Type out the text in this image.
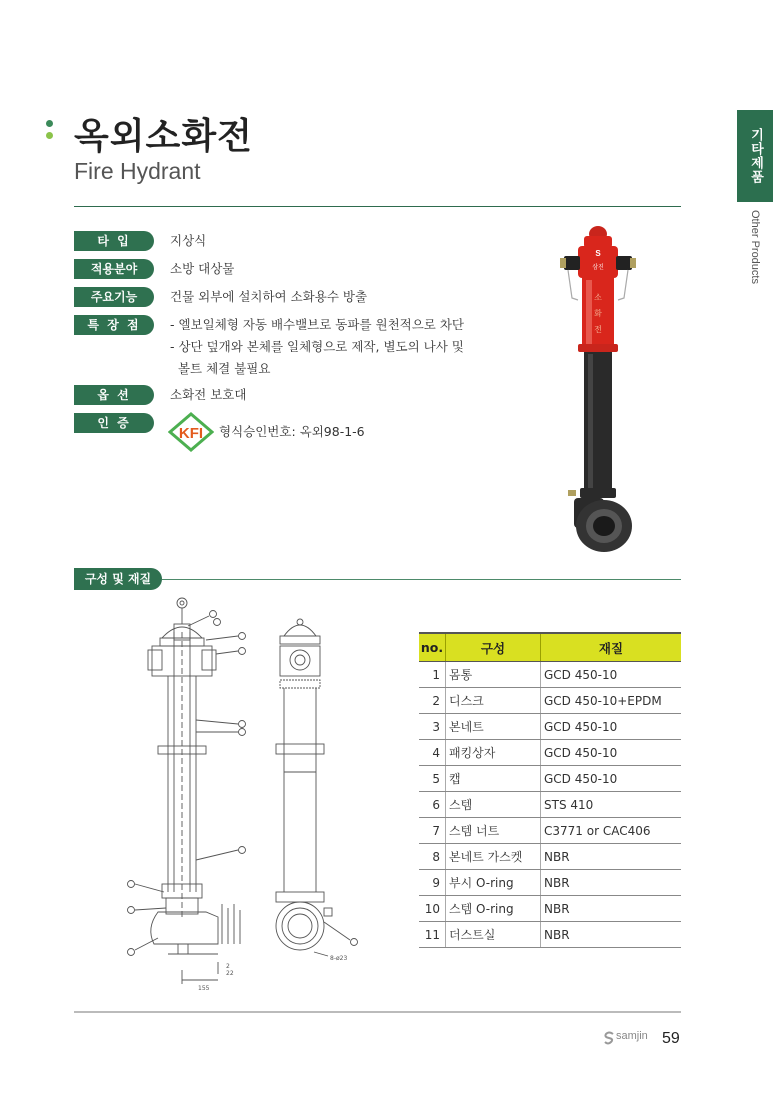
옥외소화전
Fire Hydrant	기타제품
Other Products
타 입	지상식
적용분야	소방 대상물
주요기능	건물 외부에 설치하여 소화용수 방출
특 장 점	- 엘보일체형 자동 배수밸브로 동파를 원천적으로 차단
- 상단 덮개와 본체를 일체형으로 제작, 별도의 나사 및
볼트 체결 불필요
옵 션	소화전 보호대
인 증
KFI 형식승인번호: 옥외98-1-6
S
삼진
소
화
전
구성 및 재질
155
2
22
8-ø23
no.	구성	재질
1	몸통	GCD 450-10
2	디스크	GCD 450-10+EPDM
3	본네트	GCD 450-10
4	패킹상자	GCD 450-10
5	캡	GCD 450-10
6	스템	STS 410
7	스템 너트	C3771 or CAC406
8	본네트 가스켓	NBR
9	부시 O-ring	NBR
10	스템 O-ring	NBR
11	더스트실	NBR
samjin 59
